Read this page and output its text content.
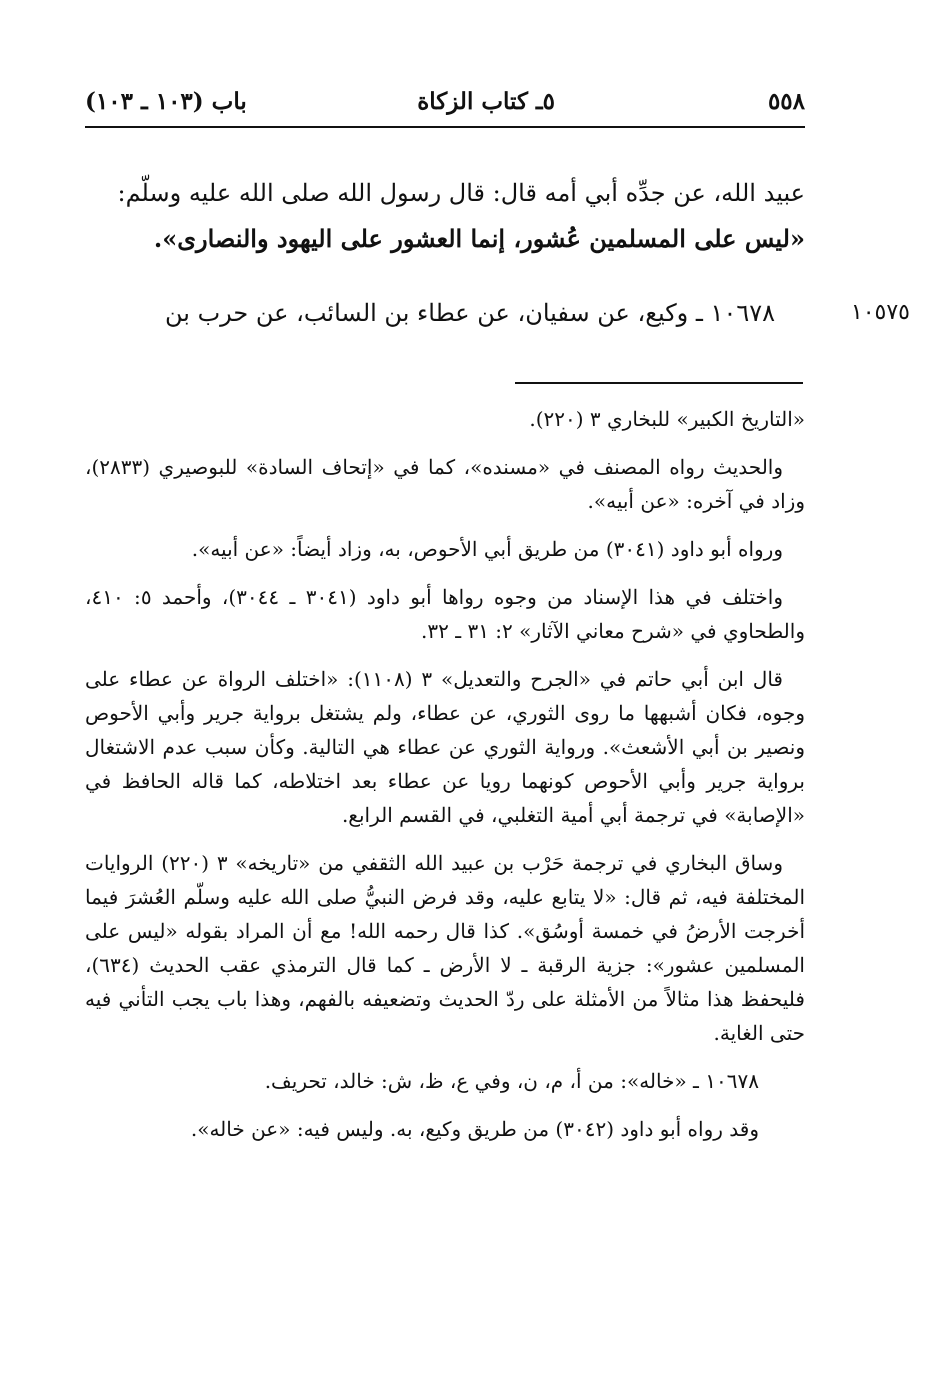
٥٥٨
٥ـ كتاب الزكاة
باب (١٠٣ ـ ١٠٣)

عبيد الله، عن جدِّه أبي أمه قال: قال رسول الله صلى الله عليه وسلّم:

«ليس على المسلمين عُشور، إنما العشور على اليهود والنصارى».

١٠٥٧٥
١٠٦٧٨ ـ وكيع، عن سفيان، عن عطاء بن السائب، عن حرب بن

«التاريخ الكبير» للبخاري ٣ (٢٢٠).

والحديث رواه المصنف في «مسنده»، كما في «إتحاف السادة» للبوصيري (٢٨٣٣)، وزاد في آخره: «عن أبيه».

ورواه أبو داود (٣٠٤١) من طريق أبي الأحوص، به، وزاد أيضاً: «عن أبيه».

واختلف في هذا الإسناد من وجوه رواها أبو داود (٣٠٤١ ـ ٣٠٤٤)، وأحمد ٥: ٤١٠، والطحاوي في «شرح معاني الآثار» ٢: ٣١ ـ ٣٢.

قال ابن أبي حاتم في «الجرح والتعديل» ٣ (١١٠٨): «اختلف الرواة عن عطاء على وجوه، فكان أشبهها ما روى الثوري، عن عطاء، ولم يشتغل برواية جرير وأبي الأحوص ونصير بن أبي الأشعث». ورواية الثوري عن عطاء هي التالية. وكأن سبب عدم الاشتغال برواية جرير وأبي الأحوص كونهما رويا عن عطاء بعد اختلاطه، كما قاله الحافظ في «الإصابة» في ترجمة أبي أمية التغلبي، في القسم الرابع.

وساق البخاري في ترجمة حَرْب بن عبيد الله الثقفي من «تاريخه» ٣ (٢٢٠) الروايات المختلفة فيه، ثم قال: «لا يتابع عليه، وقد فرض النبيُّ صلى الله عليه وسلّم العُشرَ فيما أخرجت الأرضُ في خمسة أوسُق». كذا قال رحمه الله! مع أن المراد بقوله «ليس على المسلمين عشور»: جزية الرقبة ـ لا الأرض ـ كما قال الترمذي عقب الحديث (٦٣٤)، فليحفظ هذا مثالاً من الأمثلة على ردّ الحديث وتضعيفه بالفهم، وهذا باب يجب التأني فيه حتى الغاية.

١٠٦٧٨ ـ «خاله»: من أ، م، ن، وفي ع، ظ، ش: خالد، تحريف.

وقد رواه أبو داود (٣٠٤٢) من طريق وكيع، به. وليس فيه: «عن خاله».
